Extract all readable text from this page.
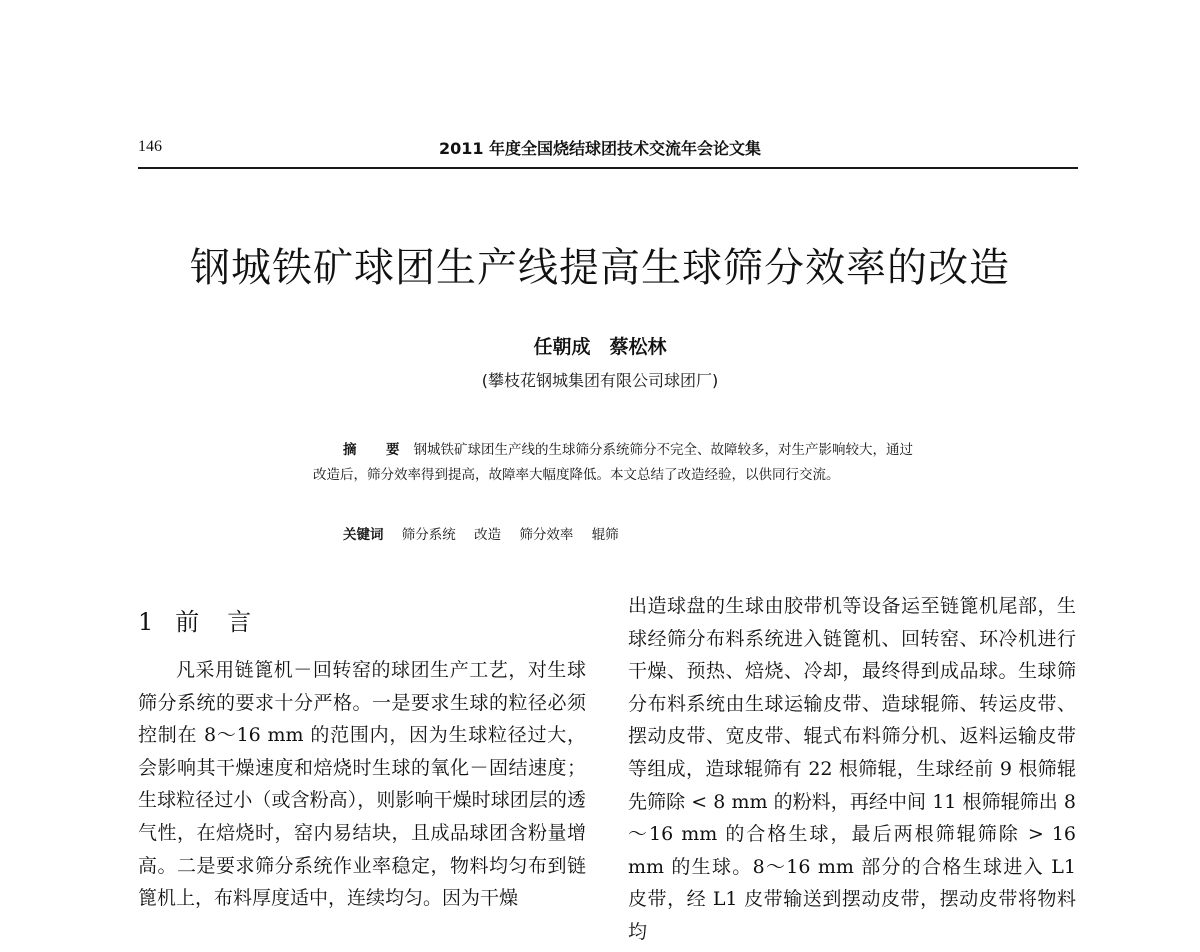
146	2011 年度全国烧结球团技术交流年会论文集
钢城铁矿球团生产线提高生球筛分效率的改造
任朝成　蔡松林
(攀枝花钢城集团有限公司球团厂)
摘　要 钢城铁矿球团生产线的生球筛分系统筛分不完全、故障较多，对生产影响较大，通过改造后，筛分效率得到提高，故障率大幅度降低。本文总结了改造经验，以供同行交流。
关键词 筛分系统 改造 筛分效率 辊筛
1 前言
凡采用链篦机－回转窑的球团生产工艺，对生球筛分系统的要求十分严格。一是要求生球的粒径必须控制在 8～16 mm 的范围内，因为生球粒径过大，会影响其干燥速度和焙烧时生球的氧化－固结速度；生球粒径过小（或含粉高），则影响干燥时球团层的透气性，在焙烧时，窑内易结块，且成品球团含粉量增高。二是要求筛分系统作业率稳定，物料均匀布到链篦机上，布料厚度适中，连续均匀。因为干燥
出造球盘的生球由胶带机等设备运至链篦机尾部，生球经筛分布料系统进入链篦机、回转窑、环冷机进行干燥、预热、焙烧、冷却，最终得到成品球。生球筛分布料系统由生球运输皮带、造球辊筛、转运皮带、摆动皮带、宽皮带、辊式布料筛分机、返料运输皮带等组成，造球辊筛有 22 根筛辊，生球经前 9 根筛辊先筛除 < 8 mm 的粉料，再经中间 11 根筛辊筛出 8～16 mm 的合格生球，最后两根筛辊筛除 > 16 mm 的生球。8～16 mm 部分的合格生球进入 L1 皮带，经 L1 皮带输送到摆动皮带，摆动皮带将物料均
